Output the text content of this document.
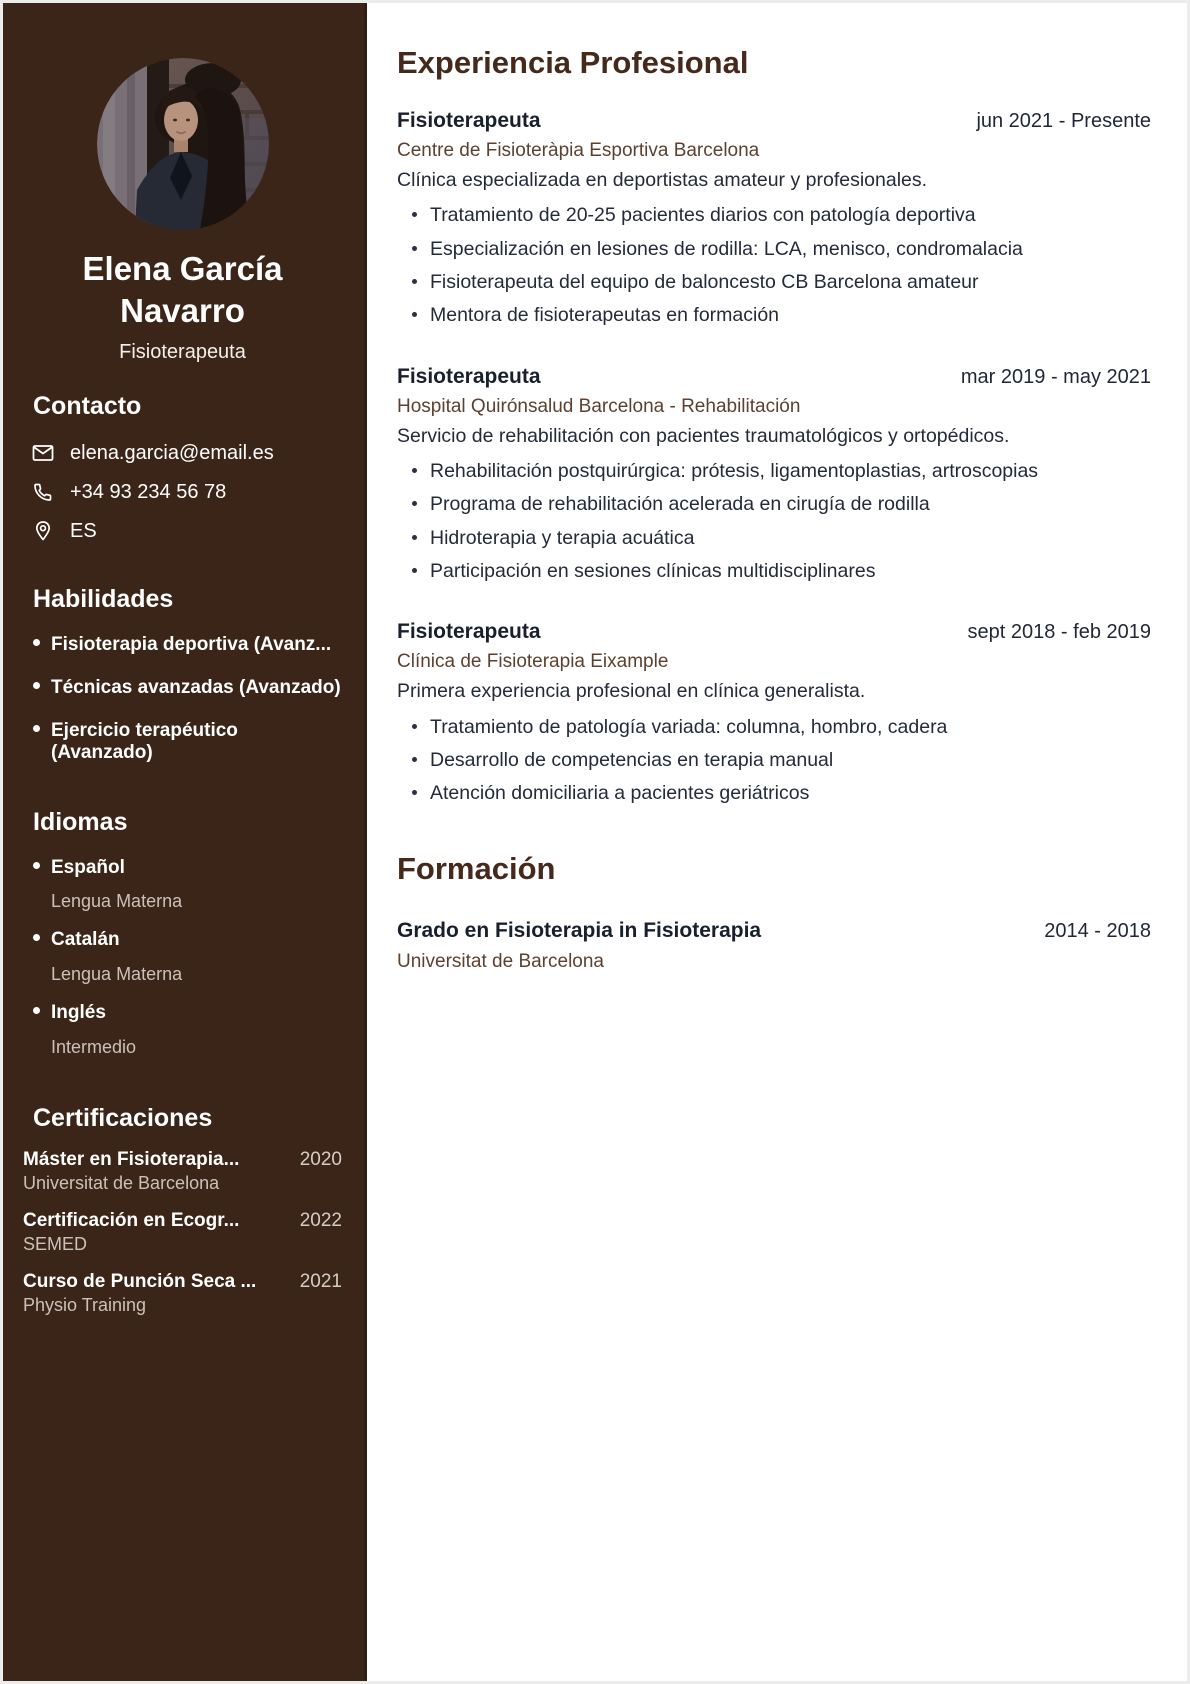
Elena García Navarro
Fisioterapeuta
Contacto
elena.garcia@email.es
+34 93 234 56 78
ES
Habilidades
Fisioterapia deportiva (Avanz...
Técnicas avanzadas (Avanzado)
Ejercicio terapéutico (Avanzado)
Idiomas
Español
Lengua Materna
Catalán
Lengua Materna
Inglés
Intermedio
Certificaciones
Máster en Fisioterapia...	2020
Universitat de Barcelona
Certificación en Ecogr...	2022
SEMED
Curso de Punción Seca ... 2021
Physio Training
Experiencia Profesional
Fisioterapeuta	jun 2021 - Presente
Centre de Fisioteràpia Esportiva Barcelona
Clínica especializada en deportistas amateur y profesionales.
Tratamiento de 20-25 pacientes diarios con patología deportiva
Especialización en lesiones de rodilla: LCA, menisco, condromalacia
Fisioterapeuta del equipo de baloncesto CB Barcelona amateur
Mentora de fisioterapeutas en formación
Fisioterapeuta	mar 2019 - may 2021
Hospital Quirónsalud Barcelona - Rehabilitación
Servicio de rehabilitación con pacientes traumatológicos y ortopédicos.
Rehabilitación postquirúrgica: prótesis, ligamentoplastias, artroscopias
Programa de rehabilitación acelerada en cirugía de rodilla
Hidroterapia y terapia acuática
Participación en sesiones clínicas multidisciplinares
Fisioterapeuta	sept 2018 - feb 2019
Clínica de Fisioterapia Eixample
Primera experiencia profesional en clínica generalista.
Tratamiento de patología variada: columna, hombro, cadera
Desarrollo de competencias en terapia manual
Atención domiciliaria a pacientes geriátricos
Formación
Grado en Fisioterapia in Fisioterapia	2014 - 2018
Universitat de Barcelona
